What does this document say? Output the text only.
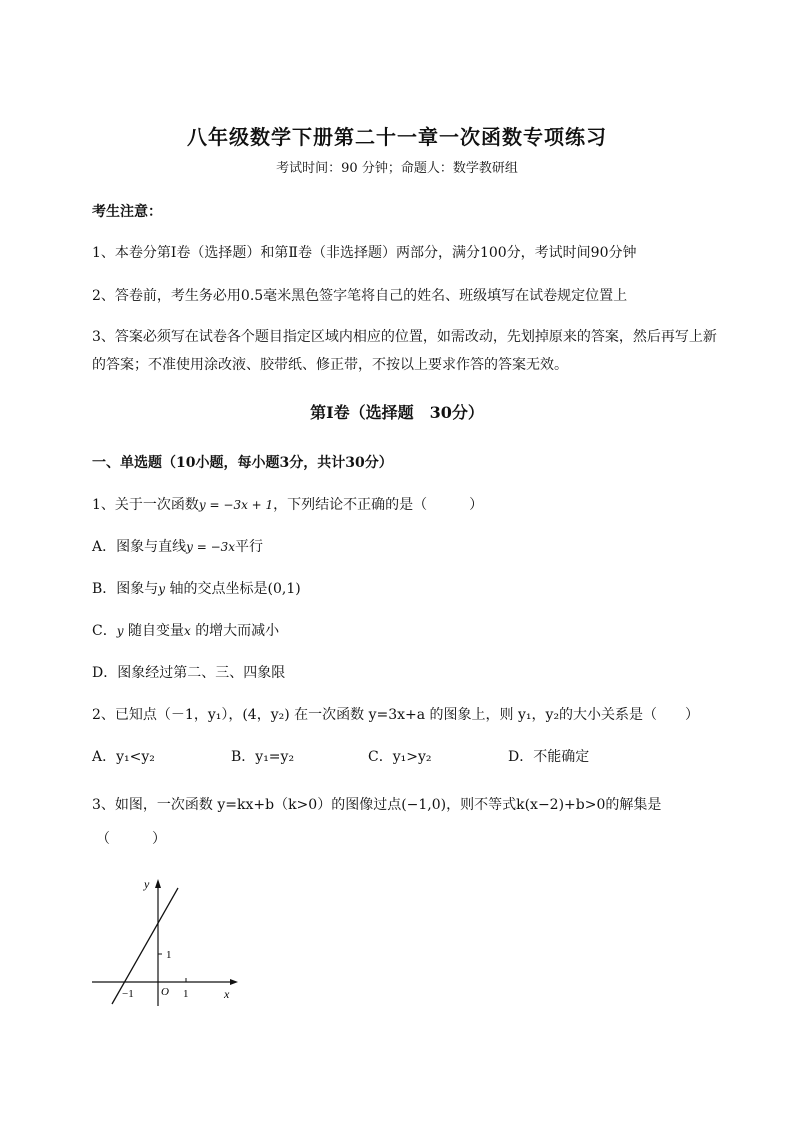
八年级数学下册第二十一章一次函数专项练习
考试时间：90 分钟；命题人：数学教研组
考生注意：
1、本卷分第Ⅰ卷（选择题）和第Ⅱ卷（非选择题）两部分，满分100分，考试时间90分钟
2、答卷前，考生务必用0.5毫米黑色签字笔将自己的姓名、班级填写在试卷规定位置上
3、答案必须写在试卷各个题目指定区域内相应的位置，如需改动，先划掉原来的答案，然后再写上新
的答案；不准使用涂改液、胶带纸、修正带，不按以上要求作答的答案无效。
第Ⅰ卷（选择题　30分）
一、单选题（10小题，每小题3分，共计30分）
1、关于一次函数y = −3x + 1，下列结论不正确的是（　　　）
A．图象与直线y = −3x平行
B．图象与y 轴的交点坐标是(0,1)
C．y 随自变量x 的增大而减小
D．图象经过第二、三、四象限
2、已知点（－1，y₁），(4，y₂) 在一次函数 y=3x+a 的图象上，则 y₁，y₂的大小关系是（　　）
A．y₁<y₂	B．y₁=y₂	C．y₁>y₂	D．不能确定
3、如图，一次函数 y=kx+b（k>0）的图像过点(−1,0)，则不等式k(x−2)+b>0的解集是
（　　　）
y
x
O
−1	1
1
